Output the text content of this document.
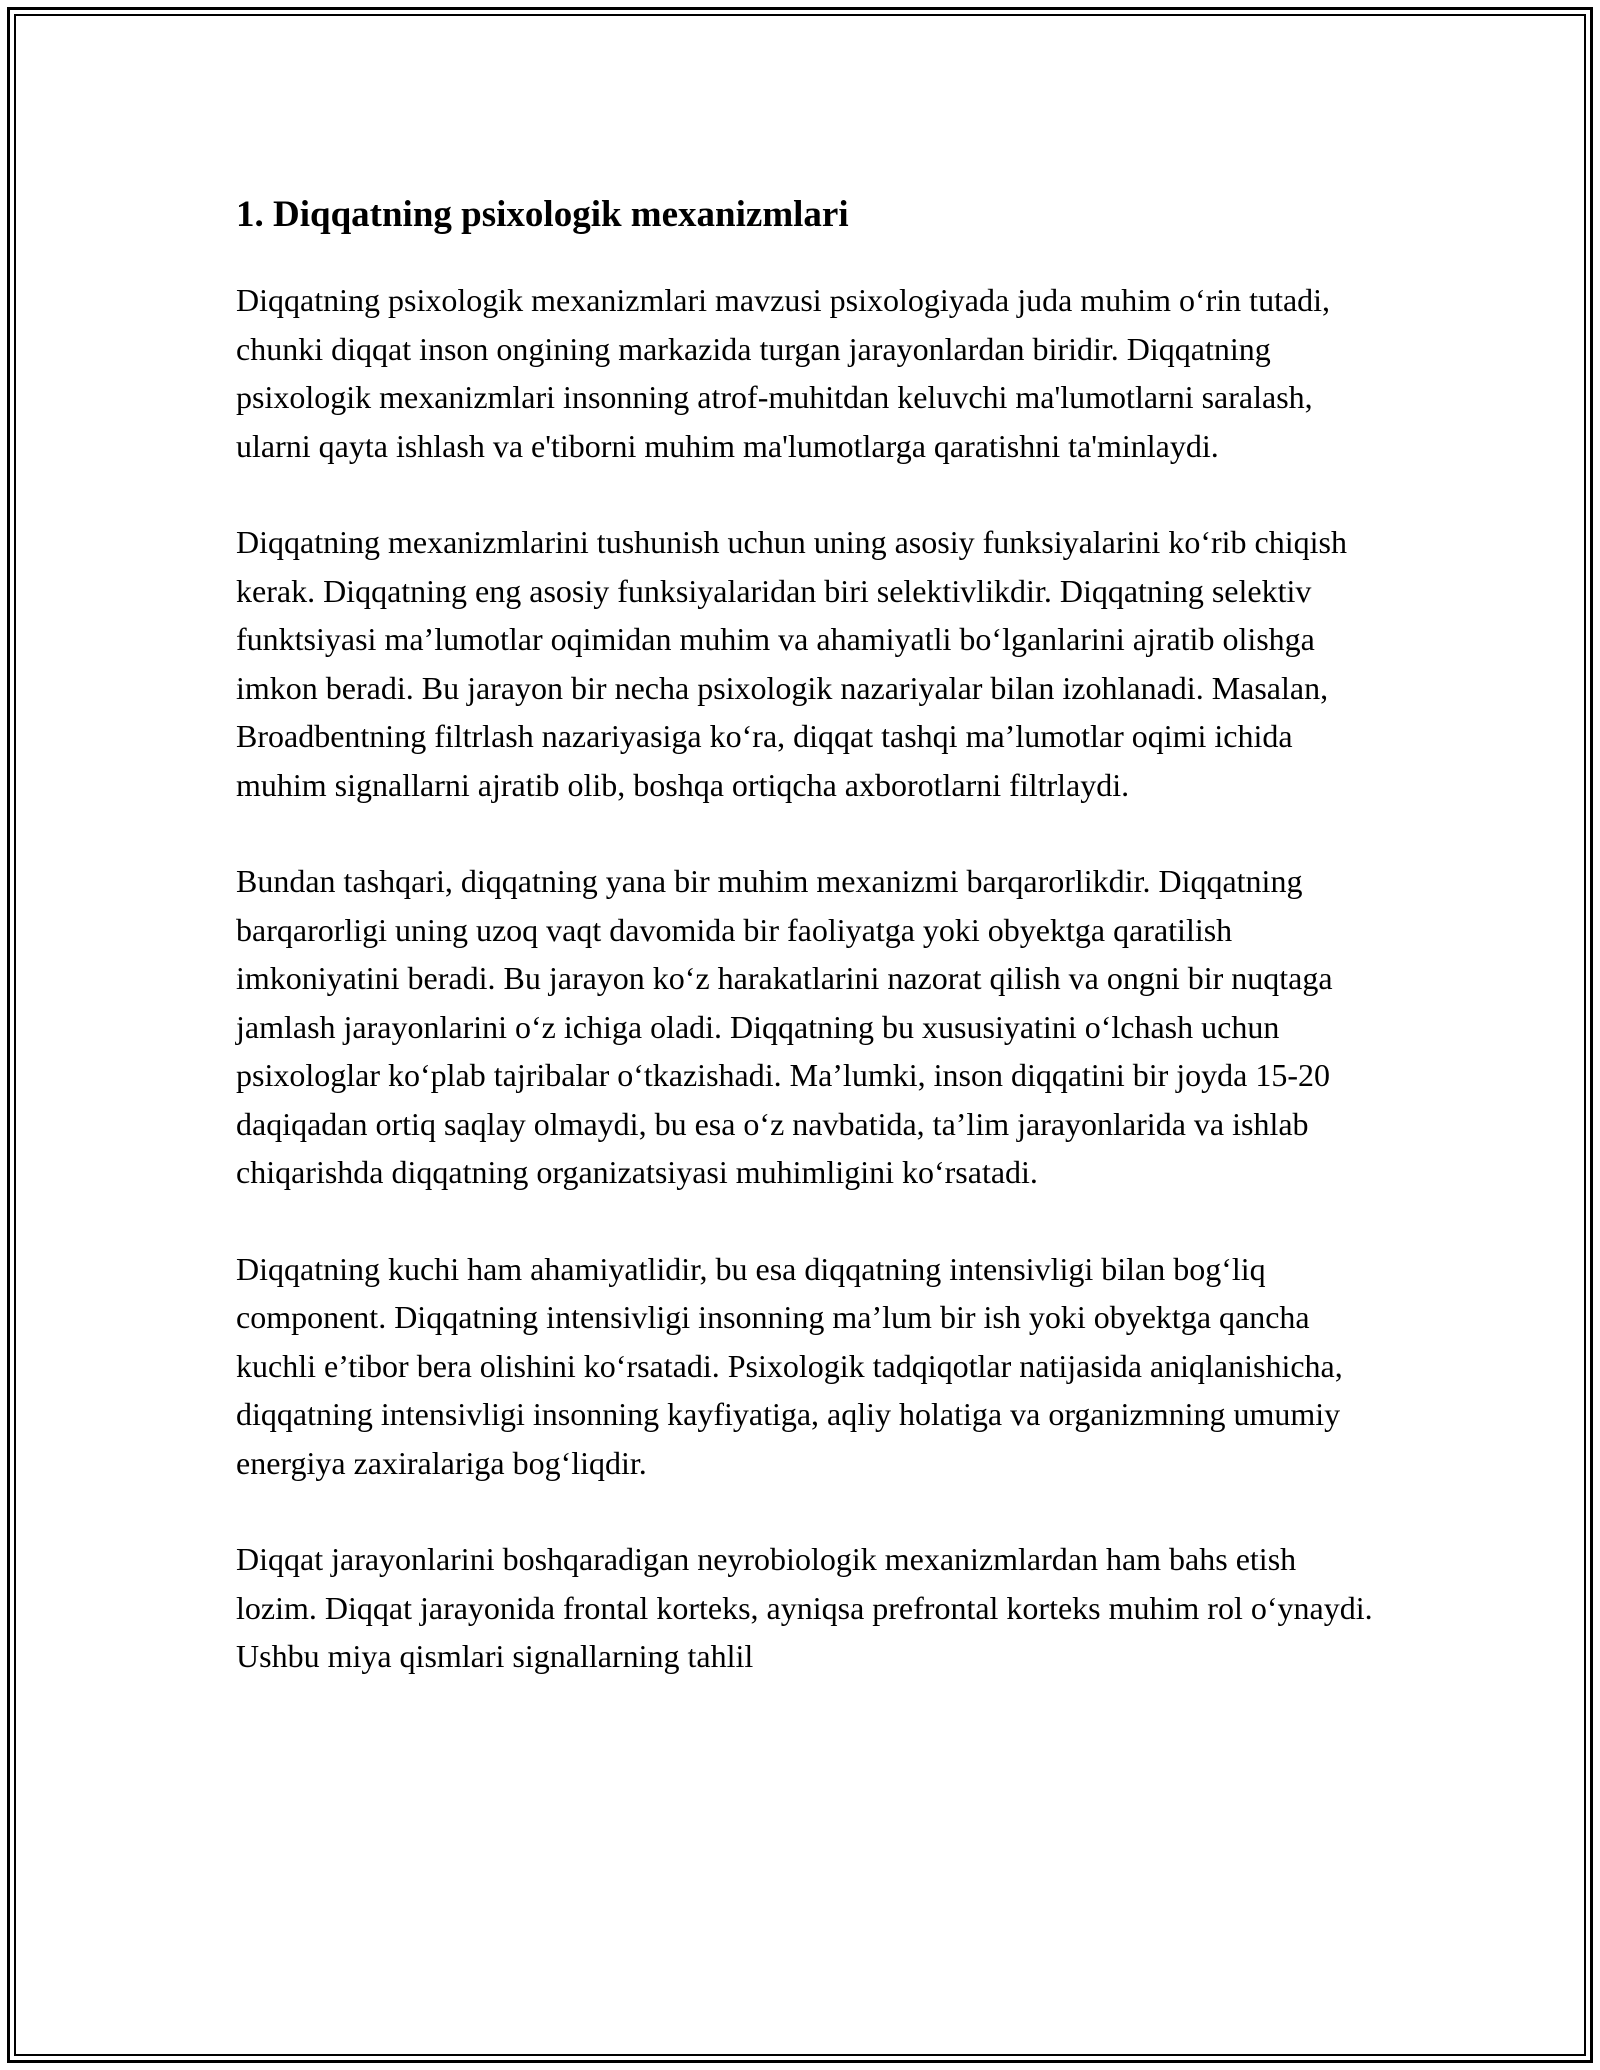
1. Diqqatning psixologik mexanizmlari

Diqqatning psixologik mexanizmlari mavzusi psixologiyada juda muhim o‘rin tutadi, chunki diqqat inson ongining markazida turgan jarayonlardan biridir. Diqqatning psixologik mexanizmlari insonning atrof-muhitdan keluvchi ma'lumotlarni saralash, ularni qayta ishlash va e'tiborni muhim ma'lumotlarga qaratishni ta'minlaydi.

Diqqatning mexanizmlarini tushunish uchun uning asosiy funksiyalarini ko‘rib chiqish kerak. Diqqatning eng asosiy funksiyalaridan biri selektivlikdir. Diqqatning selektiv funktsiyasi ma’lumotlar oqimidan muhim va ahamiyatli bo‘lganlarini ajratib olishga imkon beradi. Bu jarayon bir necha psixologik nazariyalar bilan izohlanadi. Masalan, Broadbentning filtrlash nazariyasiga ko‘ra, diqqat tashqi ma’lumotlar oqimi ichida muhim signallarni ajratib olib, boshqa ortiqcha axborotlarni filtrlaydi.

Bundan tashqari, diqqatning yana bir muhim mexanizmi barqarorlikdir. Diqqatning barqarorligi uning uzoq vaqt davomida bir faoliyatga yoki obyektga qaratilish imkoniyatini beradi. Bu jarayon ko‘z harakatlarini nazorat qilish va ongni bir nuqtaga jamlash jarayonlarini o‘z ichiga oladi. Diqqatning bu xususiyatini o‘lchash uchun psixologlar ko‘plab tajribalar o‘tkazishadi. Ma’lumki, inson diqqatini bir joyda 15-20 daqiqadan ortiq saqlay olmaydi, bu esa o‘z navbatida, ta’lim jarayonlarida va ishlab chiqarishda diqqatning organizatsiyasi muhimligini ko‘rsatadi.

Diqqatning kuchi ham ahamiyatlidir, bu esa diqqatning intensivligi bilan bog‘liq component. Diqqatning intensivligi insonning ma’lum bir ish yoki obyektga qancha kuchli e’tibor bera olishini ko‘rsatadi. Psixologik tadqiqotlar natijasida aniqlanishicha, diqqatning intensivligi insonning kayfiyatiga, aqliy holatiga va organizmning umumiy energiya zaxiralariga bog‘liqdir.

Diqqat jarayonlarini boshqaradigan neyrobiologik mexanizmlardan ham bahs etish lozim. Diqqat jarayonida frontal korteks, ayniqsa prefrontal korteks muhim rol o‘ynaydi. Ushbu miya qismlari signallarning tahlil
